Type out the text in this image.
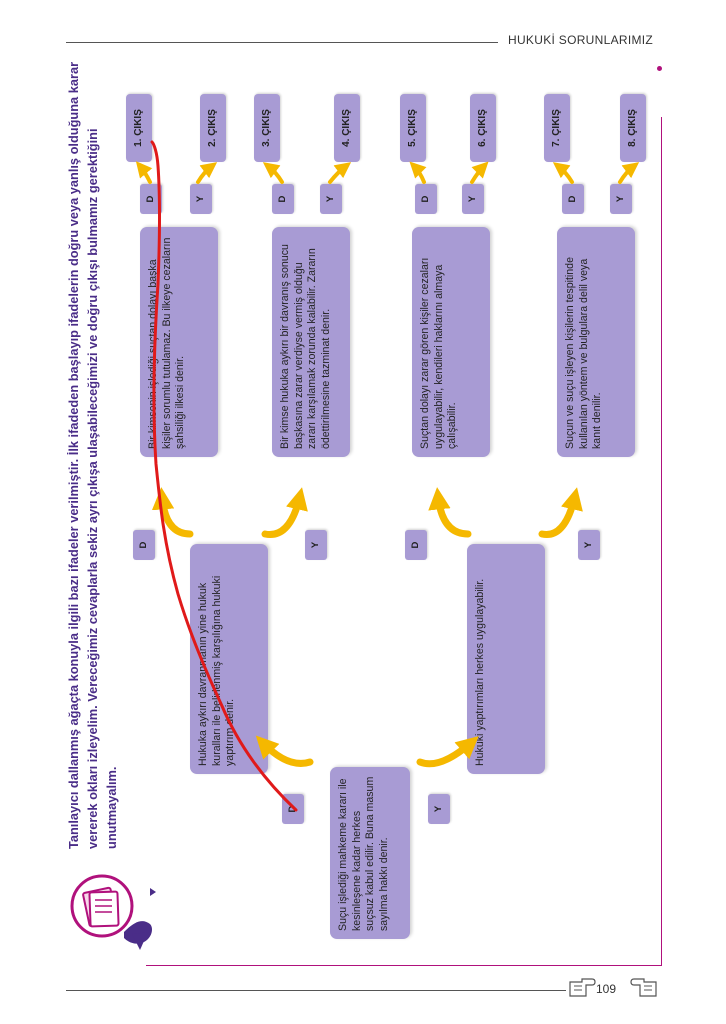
HUKUKİ SORUNLARIMIZ
Tanılayıcı dallanmış ağaçta konuyla ilgili bazı ifadeler verilmiştir. İlk ifadeden başlayıp ifadelerin doğru veya yanlış olduğuna karar vererek okları izleyelim. Vereceğimiz cevaplarla sekiz ayrı çıkışa ulaşabileceğimizi ve doğru çıkışı bulmamız gerektiğini unutmayalım.	Suçu işlediği mahkeme kararı ile kesinleşene kadar herkes suçsuz kabul edilir. Buna masum sayılma hakkı denir.
Hukuka aykırı davranmanın yine hukuk kuralları ile belirlenmiş karşılığına hukuki yaptırım denir.	Hukuki yaptırımları herkes uygulayabilir.
Bir kimsenin işlediği suçtan dolayı başka kişiler sorumlu tutulamaz. Bu ilkeye cezaların şahsiliği ilkesi denir.	Bir kimse hukuka aykırı bir davranış sonucu başkasına zarar verdiyse vermiş olduğu zararı karşılamak zorunda kalabilir. Zararın ödettirilmesine tazminat denir.	Suçtan dolayı zarar gören kişiler cezaları uygulayabilir, kendileri haklarını almaya çalışabilir.	Suçun ve suçu işleyen kişilerin tespitinde kullanılan yöntem ve bulgulara delil veya kanıt denilir.
D	Y
D	Y	D	Y
D	Y	D	Y	D	Y	D	Y
1. ÇIKIŞ	2. ÇIKIŞ	3. ÇIKIŞ	4. ÇIKIŞ	5. ÇIKIŞ	6. ÇIKIŞ	7. ÇIKIŞ	8. ÇIKIŞ
109
